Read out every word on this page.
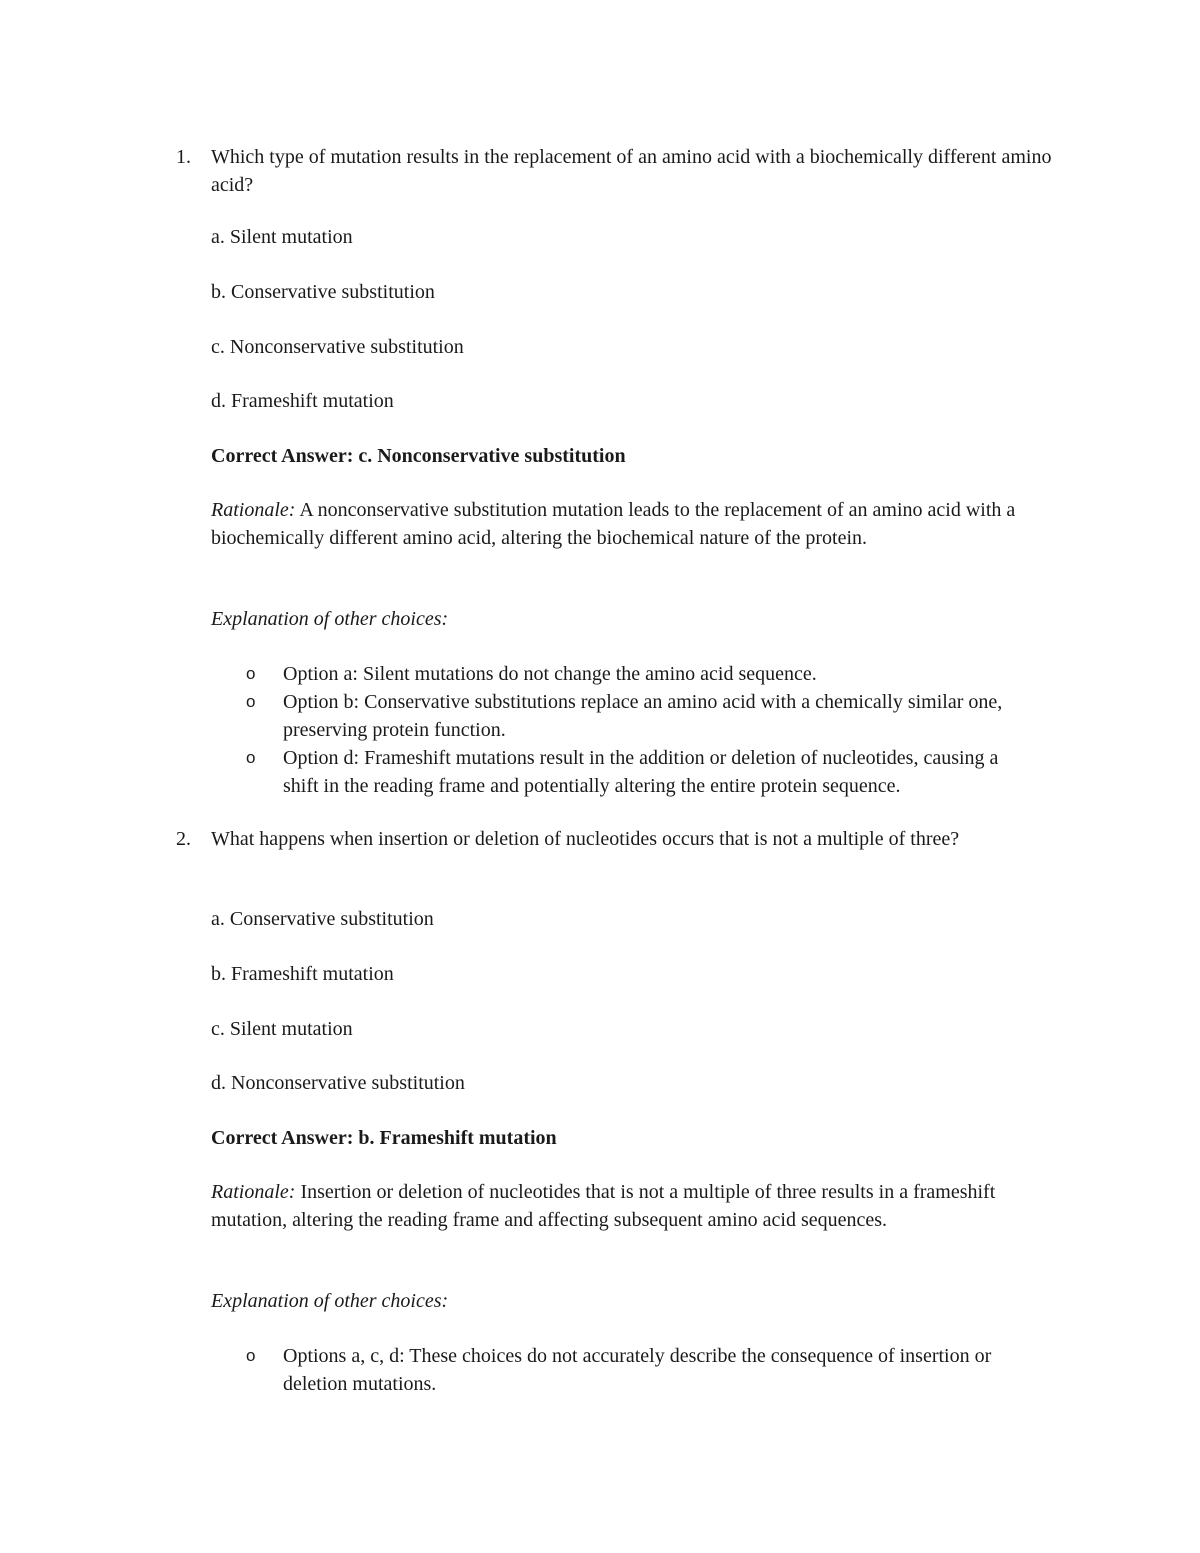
1. Which type of mutation results in the replacement of an amino acid with a biochemically different amino acid?

a. Silent mutation

b. Conservative substitution

c. Nonconservative substitution

d. Frameshift mutation

Correct Answer: c. Nonconservative substitution

Rationale: A nonconservative substitution mutation leads to the replacement of an amino acid with a biochemically different amino acid, altering the biochemical nature of the protein.

Explanation of other choices:

o Option a: Silent mutations do not change the amino acid sequence.
o Option b: Conservative substitutions replace an amino acid with a chemically similar one, preserving protein function.
o Option d: Frameshift mutations result in the addition or deletion of nucleotides, causing a shift in the reading frame and potentially altering the entire protein sequence.
2. What happens when insertion or deletion of nucleotides occurs that is not a multiple of three?

a. Conservative substitution

b. Frameshift mutation

c. Silent mutation

d. Nonconservative substitution

Correct Answer: b. Frameshift mutation

Rationale: Insertion or deletion of nucleotides that is not a multiple of three results in a frameshift mutation, altering the reading frame and affecting subsequent amino acid sequences.

Explanation of other choices:

o Options a, c, d: These choices do not accurately describe the consequence of insertion or deletion mutations.
